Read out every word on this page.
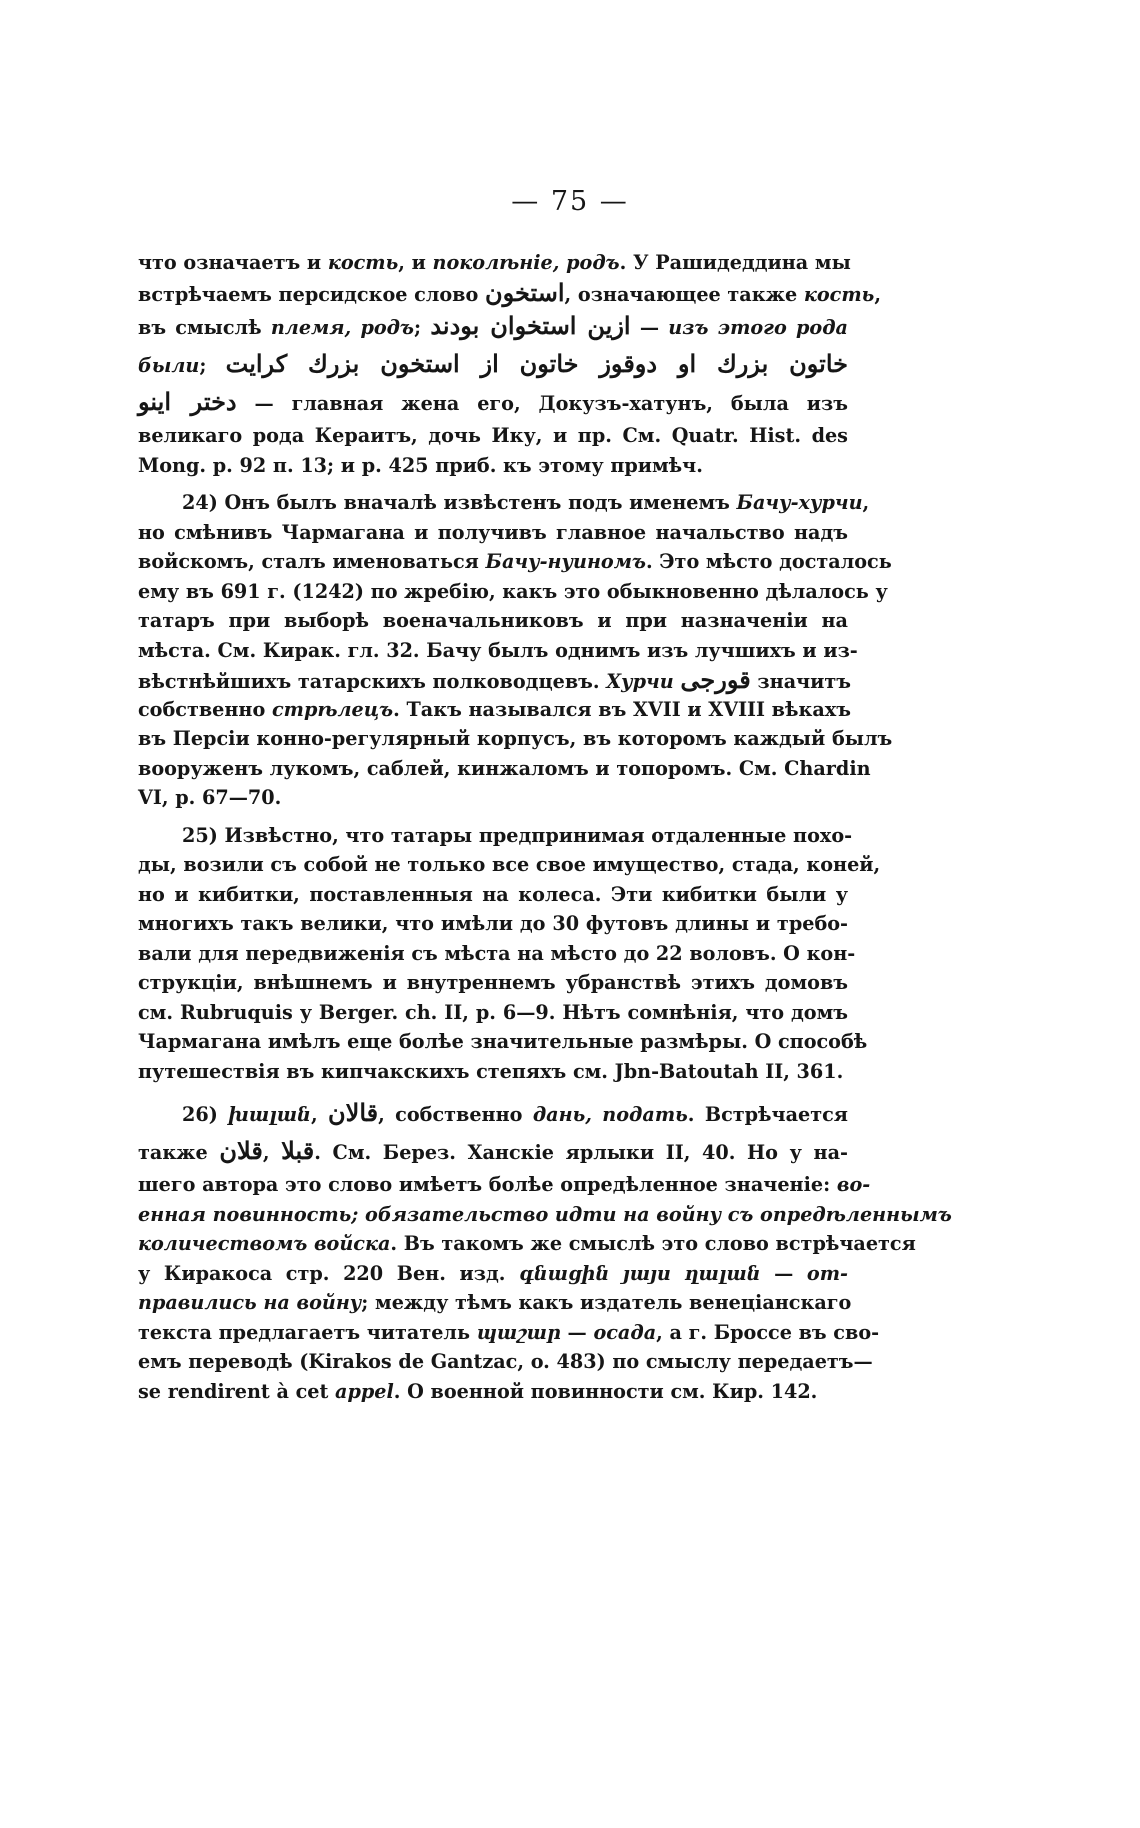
— 75 —
что означаетъ и кость, и поколѣніе, родъ. У Рашидеддина мы
встрѣчаемъ персидское слово استخون, означающее также кость,
въ смыслѣ племя, родъ; ازين استخوان بودند — изъ этого рода
были; خاتون بزرك او دوقوز خاتون از استخون بزرك كرايت
دختر اينو — главная жена его, Докузъ-хатунъ, была изъ
великаго рода Кераитъ, дочь Ику, и пр. См. Quatr. Hist. des
Mong. p. 92 п. 13; и р. 425 приб. къ этому примѣч.
24) Онъ былъ вначалѣ извѣстенъ подъ именемъ Бачу-хурчи,
но смѣнивъ Чармагана и получивъ главное начальство надъ
войскомъ, сталъ именоваться Бачу-нуиномъ. Это мѣсто досталось
ему въ 691 г. (1242) по жребію, какъ это обыкновенно дѣлалось у
татаръ при выборѣ военачальниковъ и при назначеніи на
мѣста. См. Кирак. гл. 32. Бачу былъ однимъ изъ лучшихъ и из-
вѣстнѣйшихъ татарскихъ полководцевъ. Хурчи قورجى значитъ
собственно стрѣлецъ. Такъ назывался въ XVII и XVIII вѣкахъ
въ Персіи конно-регулярный корпусъ, въ которомъ каждый былъ
вооруженъ лукомъ, саблей, кинжаломъ и топоромъ. См. Chardin
VI, p. 67—70.
25) Извѣстно, что татары предпринимая отдаленные похо-
ды, возили съ собой не только все свое имущество, стада, коней,
но и кибитки, поставленныя на колеса. Эти кибитки были у
многихъ такъ велики, что имѣли до 30 футовъ длины и требо-
вали для передвиженія съ мѣста на мѣсто до 22 воловъ. О кон-
струкціи, внѣшнемъ и внутреннемъ убранствѣ этихъ домовъ
см. Rubruquis у Berger. ch. II, p. 6—9. Нѣтъ сомнѣнія, что домъ
Чармагана имѣлъ еще болѣе значительные размѣры. О способѣ
путешествія въ кипчакскихъ степяхъ см. Jbn-Batoutah II, 361.
26) խալան, قالان, собственно дань, подать. Встрѣчается
также قلان, قبلا. См. Берез. Ханскіе ярлыки II, 40. Но у на-
шего автора это слово имѣетъ болѣе опредѣленное значеніе: во-
енная повинность; обязательство идти на войну съ опредѣленнымъ
количествомъ войска. Въ такомъ же смыслѣ это слово встрѣчается
у Киракоса стр. 220 Вен. изд. գնացին յայս ղալան — от-
правились на войну; между тѣмъ какъ издатель венеціанскаго
текста предлагаетъ читатель պաշար — осада, а г. Броссе въ сво-
емъ переводѣ (Kirakos de Gantzac, o. 483) по смыслу передаетъ—
se rendirent à cet appel. О военной повинности см. Кир. 142.
